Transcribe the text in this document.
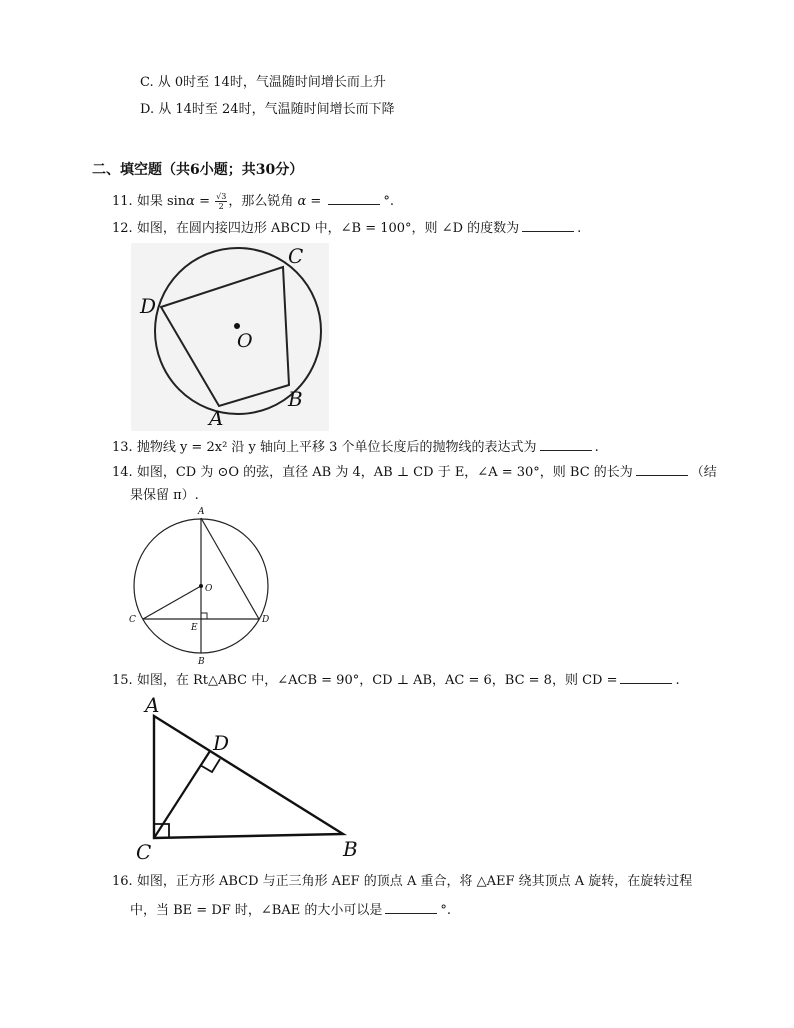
C. 从 0时至 14时，气温随时间增长而上升
D. 从 14时至 24时，气温随时间增长而下降
二、填空题（共6小题；共30分）
11. 如果 $\sin\alpha = \frac{√3}{2}$ ，那么锐角 α =	°.
12. 如图，在圆内接四边形 ABCD 中，∠B = 100°，则 ∠D 的度数为	.
C
D
O
B
A
13. 抛物线 y = 2x² 沿 y 轴向上平移 3 个单位长度后的抛物线的表达式为	.
14. 如图，CD 为 ⊙O 的弦，直径 AB 为 4，AB ⊥ CD 于 E，∠A = 30°，则 BC 的长为	（结
果保留 π）.
A
O
C
E
D
B
15. 如图，在 Rt△ABC 中，∠ACB = 90°，CD ⊥ AB，AC = 6，BC = 8，则 CD =	.
A
D
C	B
16. 如图，正方形 ABCD 与正三角形 AEF 的顶点 A 重合，将 △AEF 绕其顶点 A 旋转，在旋转过程
中，当 BE = DF 时，∠BAE 的大小可以是	°.
